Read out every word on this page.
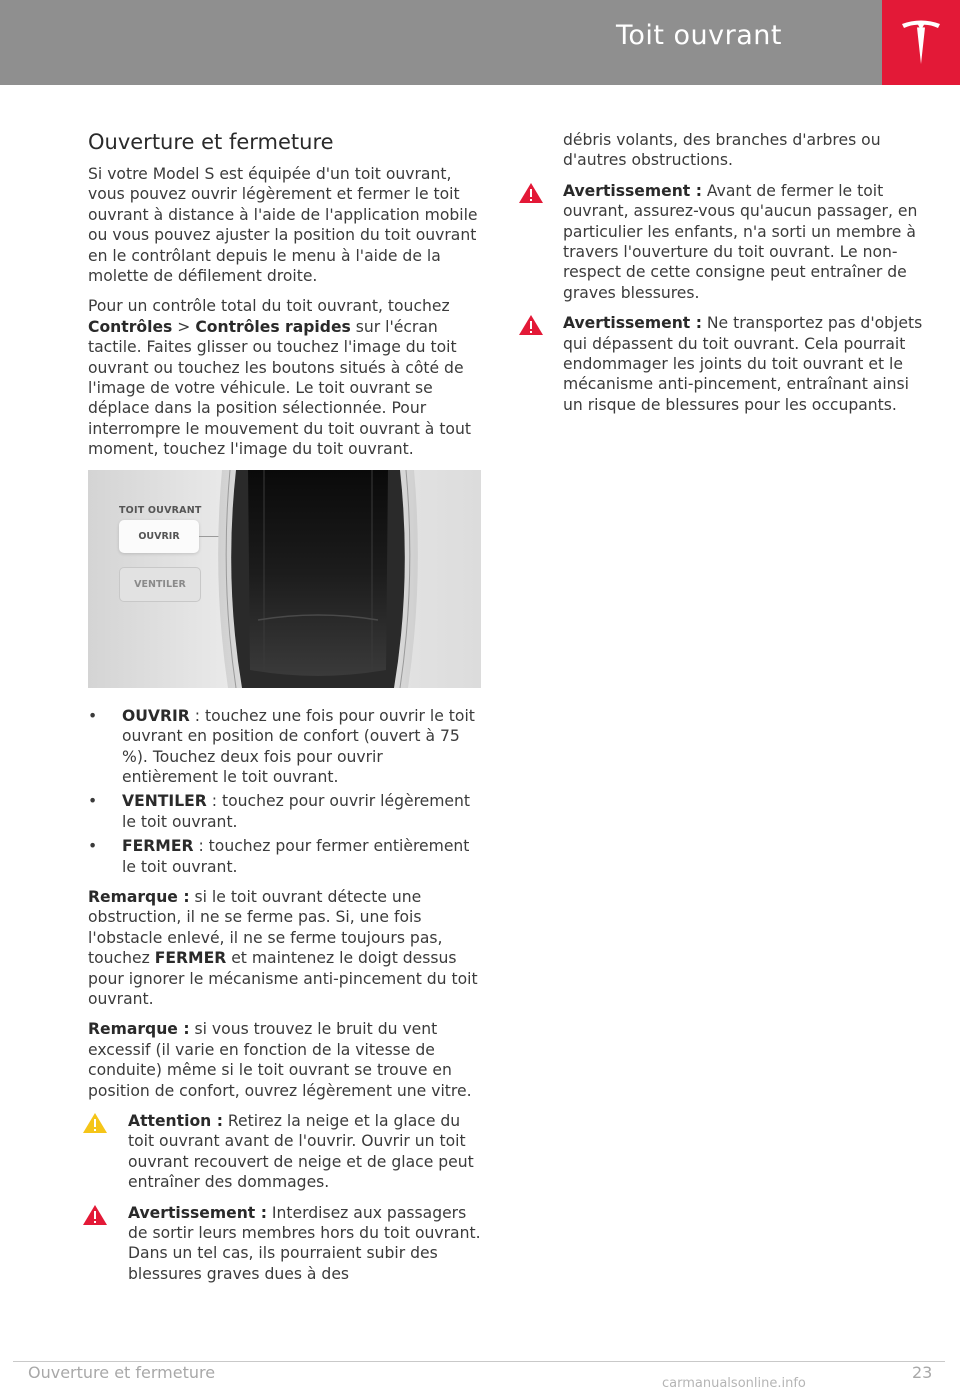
Toit ouvrant
Ouverture et fermeture

Si votre Model S est équipée d'un toit ouvrant, vous pouvez ouvrir légèrement et fermer le toit ouvrant à distance à l'aide de l'application mobile ou vous pouvez ajuster la position du toit ouvrant en le contrôlant depuis le menu à l'aide de la molette de défilement droite.

Pour un contrôle total du toit ouvrant, touchez Contrôles > Contrôles rapides sur l'écran tactile. Faites glisser ou touchez l'image du toit ouvrant ou touchez les boutons situés à côté de l'image de votre véhicule. Le toit ouvrant se déplace dans la position sélectionnée. Pour interrompre le mouvement du toit ouvrant à tout moment, touchez l'image du toit ouvrant.

TOIT OUVRANT
OUVRIR
VENTILER
• OUVRIR : touchez une fois pour ouvrir le toit ouvrant en position de confort (ouvert à 75 %). Touchez deux fois pour ouvrir entièrement le toit ouvrant.
• VENTILER : touchez pour ouvrir légèrement le toit ouvrant.
• FERMER : touchez pour fermer entièrement le toit ouvrant.

Remarque : si le toit ouvrant détecte une obstruction, il ne se ferme pas. Si, une fois l'obstacle enlevé, il ne se ferme toujours pas, touchez FERMER et maintenez le doigt dessus pour ignorer le mécanisme anti-pincement du toit ouvrant.

Remarque : si vous trouvez le bruit du vent excessif (il varie en fonction de la vitesse de conduite) même si le toit ouvrant se trouve en position de confort, ouvrez légèrement une vitre.

Attention : Retirez la neige et la glace du toit ouvrant avant de l'ouvrir. Ouvrir un toit ouvrant recouvert de neige et de glace peut entraîner des dommages.
Avertissement : Interdisez aux passagers de sortir leurs membres hors du toit ouvrant. Dans un tel cas, ils pourraient subir des blessures graves dues à des

débris volants, des branches d'arbres ou d'autres obstructions.

Avertissement : Avant de fermer le toit ouvrant, assurez-vous qu'aucun passager, en particulier les enfants, n'a sorti un membre à travers l'ouverture du toit ouvrant. Le non-respect de cette consigne peut entraîner de graves blessures.
Avertissement : Ne transportez pas d'objets qui dépassent du toit ouvrant. Cela pourrait endommager les joints du toit ouvrant et le mécanisme anti-pincement, entraînant ainsi un risque de blessures pour les occupants.
Ouverture et fermeture	23
carmanualsonline.info
